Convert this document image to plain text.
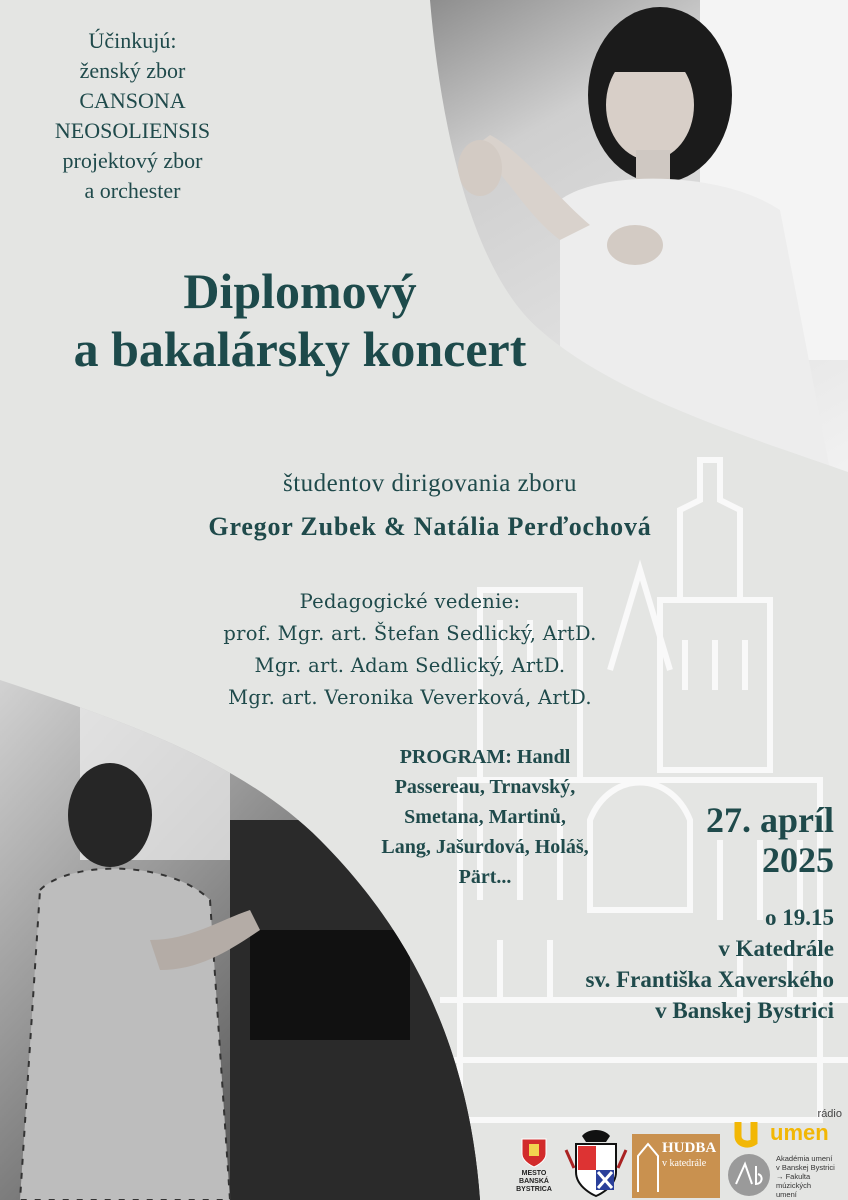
Účinkujú:
ženský zbor
CANSONA
NEOSOLIENSIS
projektový zbor
a orchester
Diplomový
a bakalársky koncert
študentov dirigovania zboru
Gregor Zubek & Natália Perďochová
Pedagogické vedenie:
prof. Mgr. art. Štefan Sedlický, ArtD.
Mgr. art. Adam Sedlický, ArtD.
Mgr. art. Veronika Veverková, ArtD.
PROGRAM: Handl
Passereau, Trnavský,
Smetana, Martinů,
Lang, Jašurdová, Holáš,
Pärt...
27. apríl
2025
o 19.15
v Katedrále
sv. Františka Xaverského
v Banskej Bystrici
MESTO
BANSKÁ BYSTRICA
HUDBA
v katedrále
rádio
umen
Akadémia umení
v Banskej Bystrici
→ Fakulta
múzických
umení
